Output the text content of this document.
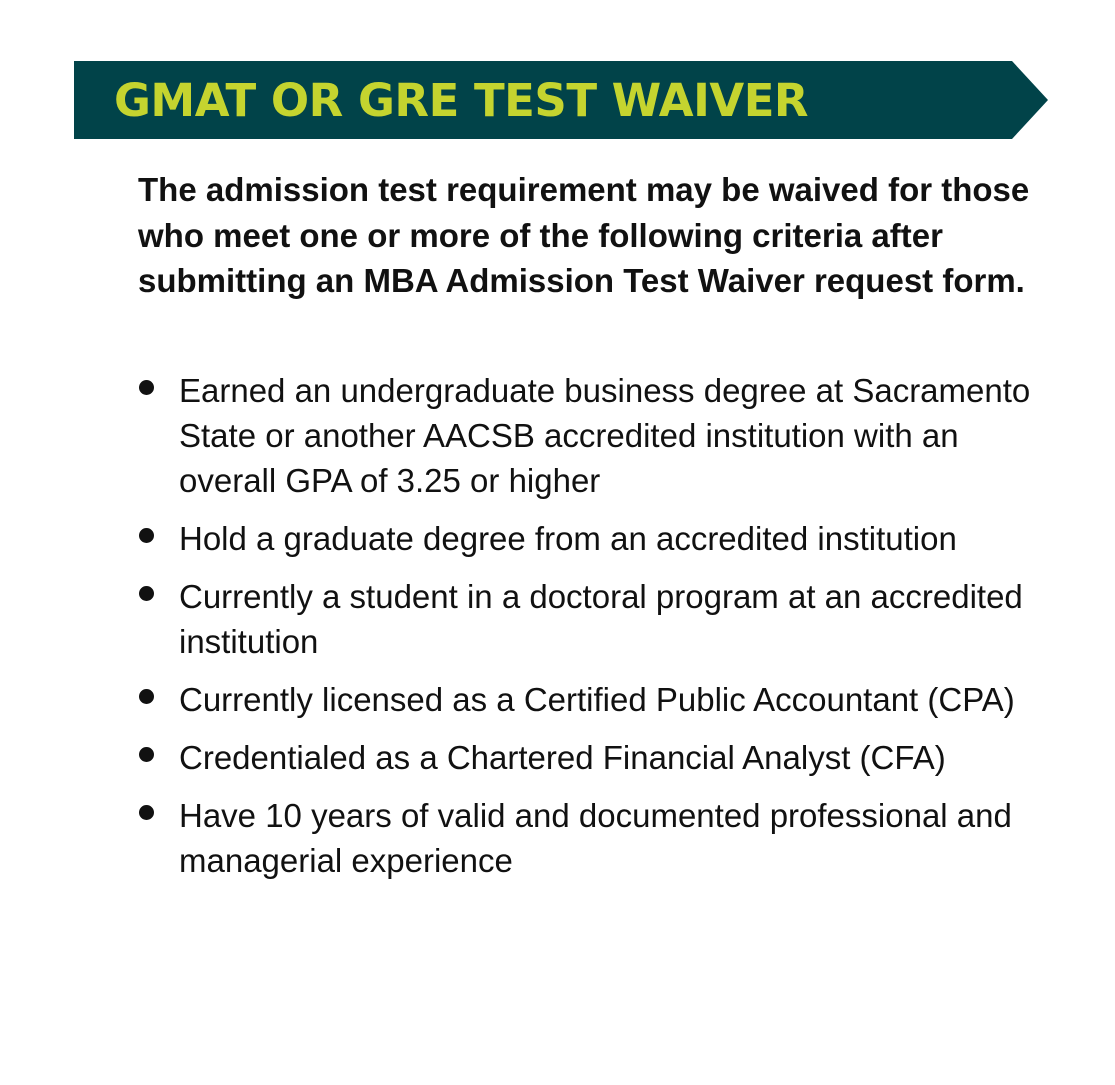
GMAT OR GRE TEST WAIVER

The admission test requirement may be waived for those who meet one or more of the following criteria after submitting an MBA Admission Test Waiver request form.

Earned an undergraduate business degree at Sacramento State or another AACSB accredited institution with an overall GPA of 3.25 or higher
Hold a graduate degree from an accredited institution
Currently a student in a doctoral program at an accredited institution
Currently licensed as a Certified Public Accountant (CPA)
Credentialed as a Chartered Financial Analyst (CFA)
Have 10 years of valid and documented professional and managerial experience
